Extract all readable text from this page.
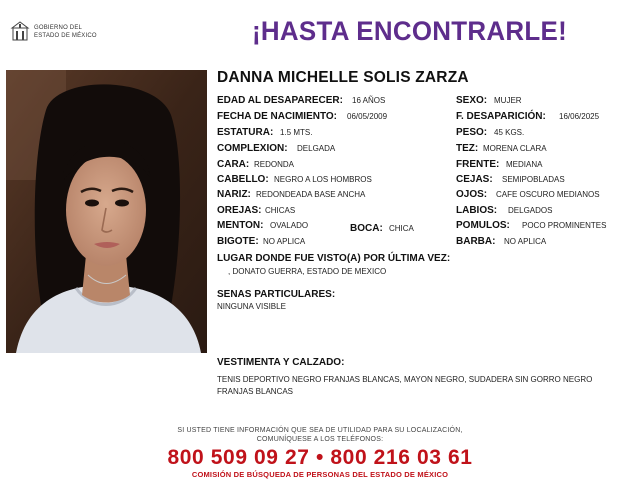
GOBIERNO DEL
ESTADO DE MÉXICO	¡HASTA ENCONTRARLE!
DANNA MICHELLE SOLIS ZARZA
EDAD AL DESAPARECER: 16 AÑOS
FECHA DE NACIMIENTO: 06/05/2009
ESTATURA: 1.5 MTS.
COMPLEXION: DELGADA
CARA: REDONDA
CABELLO: NEGRO A LOS HOMBROS
NARIZ: REDONDEADA BASE ANCHA
OREJAS: CHICAS
MENTON: OVALADO	BOCA: CHICA
BIGOTE: NO APLICA
SEXO: MUJER
F. DESAPARICIÓN: 16/06/2025
PESO: 45 KGS.
TEZ: MORENA CLARA
FRENTE: MEDIANA
CEJAS: SEMIPOBLADAS
OJOS: CAFE OSCURO MEDIANOS
LABIOS: DELGADOS
POMULOS: POCO PROMINENTES
BARBA: NO APLICA
LUGAR DONDE FUE VISTO(A) POR ÚLTIMA VEZ:
, DONATO GUERRA, ESTADO DE MEXICO
SENAS PARTICULARES:
NINGUNA VISIBLE
VESTIMENTA Y CALZADO:
TENIS DEPORTIVO NEGRO FRANJAS BLANCAS, MAYON NEGRO, SUDADERA SIN GORRO NEGRO FRANJAS BLANCAS
SI USTED TIENE INFORMACIÓN QUE SEA DE UTILIDAD PARA SU LOCALIZACIÓN,
COMUNÍQUESE A LOS TELÉFONOS:
800 509 09 27 • 800 216 03 61
COMISIÓN DE BÚSQUEDA DE PERSONAS DEL ESTADO DE MÉXICO
